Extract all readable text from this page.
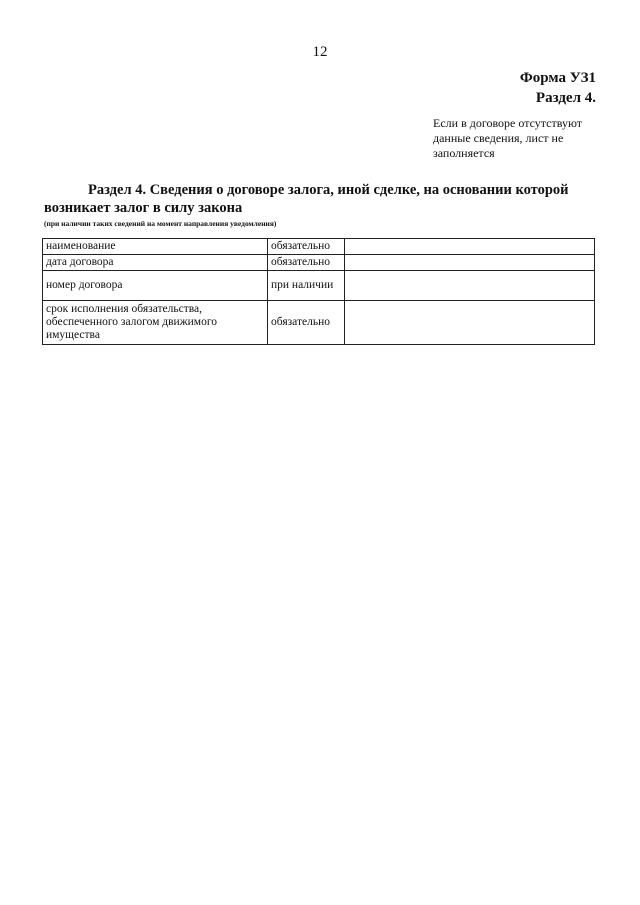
12
Форма УЗ1
Раздел 4.
Если в договоре отсутствуют данные сведения, лист не заполняется
Раздел 4. Сведения о договоре залога, иной сделке, на основании которой
возникает залог в силу закона
(при наличии таких сведений на момент направления уведомления)
наименование	обязательно	
дата договора	обязательно	
номер договора	при наличии	
срок исполнения обязательства, обеспеченного залогом движимого имущества	обязательно	
